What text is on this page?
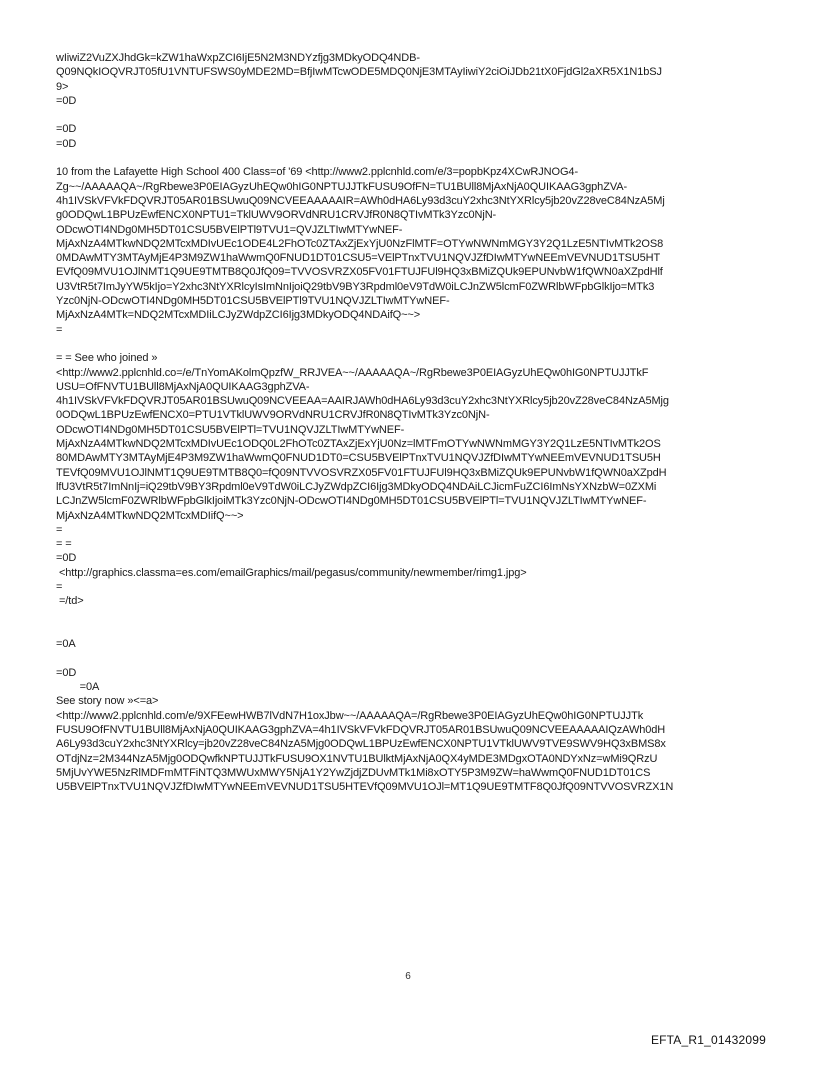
wIiwiZ2VuZXJhdGk=kZW1haWxpZCI6IjE5N2M3NDYzfjg3MDkyODQ4NDB-
Q09NQkIOQVRJT05fU1VNTUFSWS0yMDE2MD=BfjIwMTcwODE5MDQ0NjE3MTAyIiwiY2ciOiJDb21tX0FjdGl2aXR5X1N1bSJ
9>
=0D
=0D
=0D
10 from the Lafayette High School 400 Class=of '69 <http://www2.pplcnhld.com/e/3=popbKpz4XCwRJNOG4-
Zg~~/AAAAAQA~/RgRbewe3P0EIAGyzUhEQw0hIG0NPTUJJTkFUSU9OfFN=TU1BUll8MjAxNjA0QUIKAAG3gphZVA-
4h1IVSkVFVkFDQVRJT05AR01BSUwuQ09NCVEEAAAAAIR=AWh0dHA6Ly93d3cuY2xhc3NtYXRlcy5jb20vZ28veC84NzA5Mj
g0ODQwL1BPUzEwfENCX0NPTU1=TklUWV9ORVdNRU1CRVJfR0N8QTIvMTk3Yzc0NjN-
ODcwOTI4NDg0MH5DT01CSU5BVElPTl9TVU1=QVJZLTIwMTYwNEF-
MjAxNzA4MTkwNDQ2MTcxMDIvUEc1ODE4L2FhOTc0ZTAxZjExYjU0NzFlMTF=OTYwNWNmMGY3Y2Q1LzE5NTIvMTk2OS8
0MDAwMTY3MTAyMjE4P3M9ZW1haWwmQ0FNUD1DT01CSU5=VElPTnxTVU1NQVJZfDIwMTYwNEEmVEVNUD1TSU5HT
EVfQ09MVU1OJlNMT1Q9UE9TMTB8Q0JfQ09=TVVOSVRZX05FV01FTUJFUl9HQ3xBMiZQUk9EPUNvbW1fQWN0aXZpdHlf
U3VtR5t7ImJyYW5kIjo=Y2xhc3NtYXRlcyIsImNnIjoiQ29tbV9BY3Rpdml0eV9TdW0iLCJnZW5lcmF0ZWRlbWFpbGlkIjo=MTk3
Yzc0NjN-ODcwOTI4NDg0MH5DT01CSU5BVElPTl9TVU1NQVJZLTIwMTYwNEF-
MjAxNzA4MTk=NDQ2MTcxMDIiLCJyZWdpZCI6Ijg3MDkyODQ4NDAifQ~~>
=
= = See who joined »
<http://www2.pplcnhld.co=/e/TnYomAKolmQpzfW_RRJVEA~~/AAAAAQA~/RgRbewe3P0EIAGyzUhEQw0hIG0NPTUJJTkF
USU=OfFNVTU1BUll8MjAxNjA0QUIKAAG3gphZVA-
4h1IVSkVFVkFDQVRJT05AR01BSUwuQ09NCVEEAA=AAIRJAWh0dHA6Ly93d3cuY2xhc3NtYXRlcy5jb20vZ28veC84NzA5Mjg
0ODQwL1BPUzEwfENCX0=PTU1VTklUWV9ORVdNRU1CRVJfR0N8QTIvMTk3Yzc0NjN-
ODcwOTI4NDg0MH5DT01CSU5BVElPTl=TVU1NQVJZLTIwMTYwNEF-
MjAxNzA4MTkwNDQ2MTcxMDIvUEc1ODQ0L2FhOTc0ZTAxZjExYjU0Nz=lMTFmOTYwNWNmMGY3Y2Q1LzE5NTIvMTk2OS
80MDAwMTY3MTAyMjE4P3M9ZW1haWwmQ0FNUD1DT0=CSU5BVElPTnxTVU1NQVJZfDIwMTYwNEEmVEVNUD1TSU5H
TEVfQ09MVU1OJlNMT1Q9UE9TMTB8Q0=fQ09NTVVOSVRZX05FV01FTUJFUl9HQ3xBMiZQUk9EPUNvbW1fQWN0aXZpdH
lfU3VtR5t7ImNnIj=iQ29tbV9BY3Rpdml0eV9TdW0iLCJyZWdpZCI6Ijg3MDkyODQ4NDAiLCJicmFuZCI6ImNsYXNzbW=0ZXMi
LCJnZW5lcmF0ZWRlbWFpbGlkIjoiMTk3Yzc0NjN-ODcwOTI4NDg0MH5DT01CSU5BVElPTl=TVU1NQVJZLTIwMTYwNEF-
MjAxNzA4MTkwNDQ2MTcxMDIifQ~~>
=
= =
=0D
<http://graphics.classma=es.com/emailGraphics/mail/pegasus/community/newmember/rimg1.jpg>
=
=/td>
=0A
=0D
=0A
See story now »<=a>
<http://www2.pplcnhld.com/e/9XFEewHWB7lVdN7H1oxJbw~~/AAAAAQA=/RgRbewe3P0EIAGyzUhEQw0hIG0NPTUJJTk
FUSU9OfFNVTU1BUll8MjAxNjA0QUIKAAG3gphZVA=4h1IVSkVFVkFDQVRJT05AR01BSUwuQ09NCVEEAAAAAIQzAWh0dH
A6Ly93d3cuY2xhc3NtYXRlcy=jb20vZ28veC84NzA5Mjg0ODQwL1BPUzEwfENCX0NPTU1VTklUWV9TVE9SWV9HQ3xBMS8x
OTdjNz=2M344NzA5Mjg0ODQwfkNPTUJJTkFUSU9OX1NVTU1BUlktMjAxNjA0QX4yMDE3MDgxOTA0NDYxNz=wMi9QRzU
5MjUvYWE5NzRlMDFmMTFiNTQ3MWUxMWY5NjA1Y2YwZjdjZDUvMTk1Mi8xOTY5P3M9ZW=haWwmQ0FNUD1DT01CS
U5BVElPTnxTVU1NQVJZfDIwMTYwNEEmVEVNUD1TSU5HTEVfQ09MVU1OJl=MT1Q9UE9TMTF8Q0JfQ09NTVVOSVRZX1N
6
EFTA_R1_01432099
